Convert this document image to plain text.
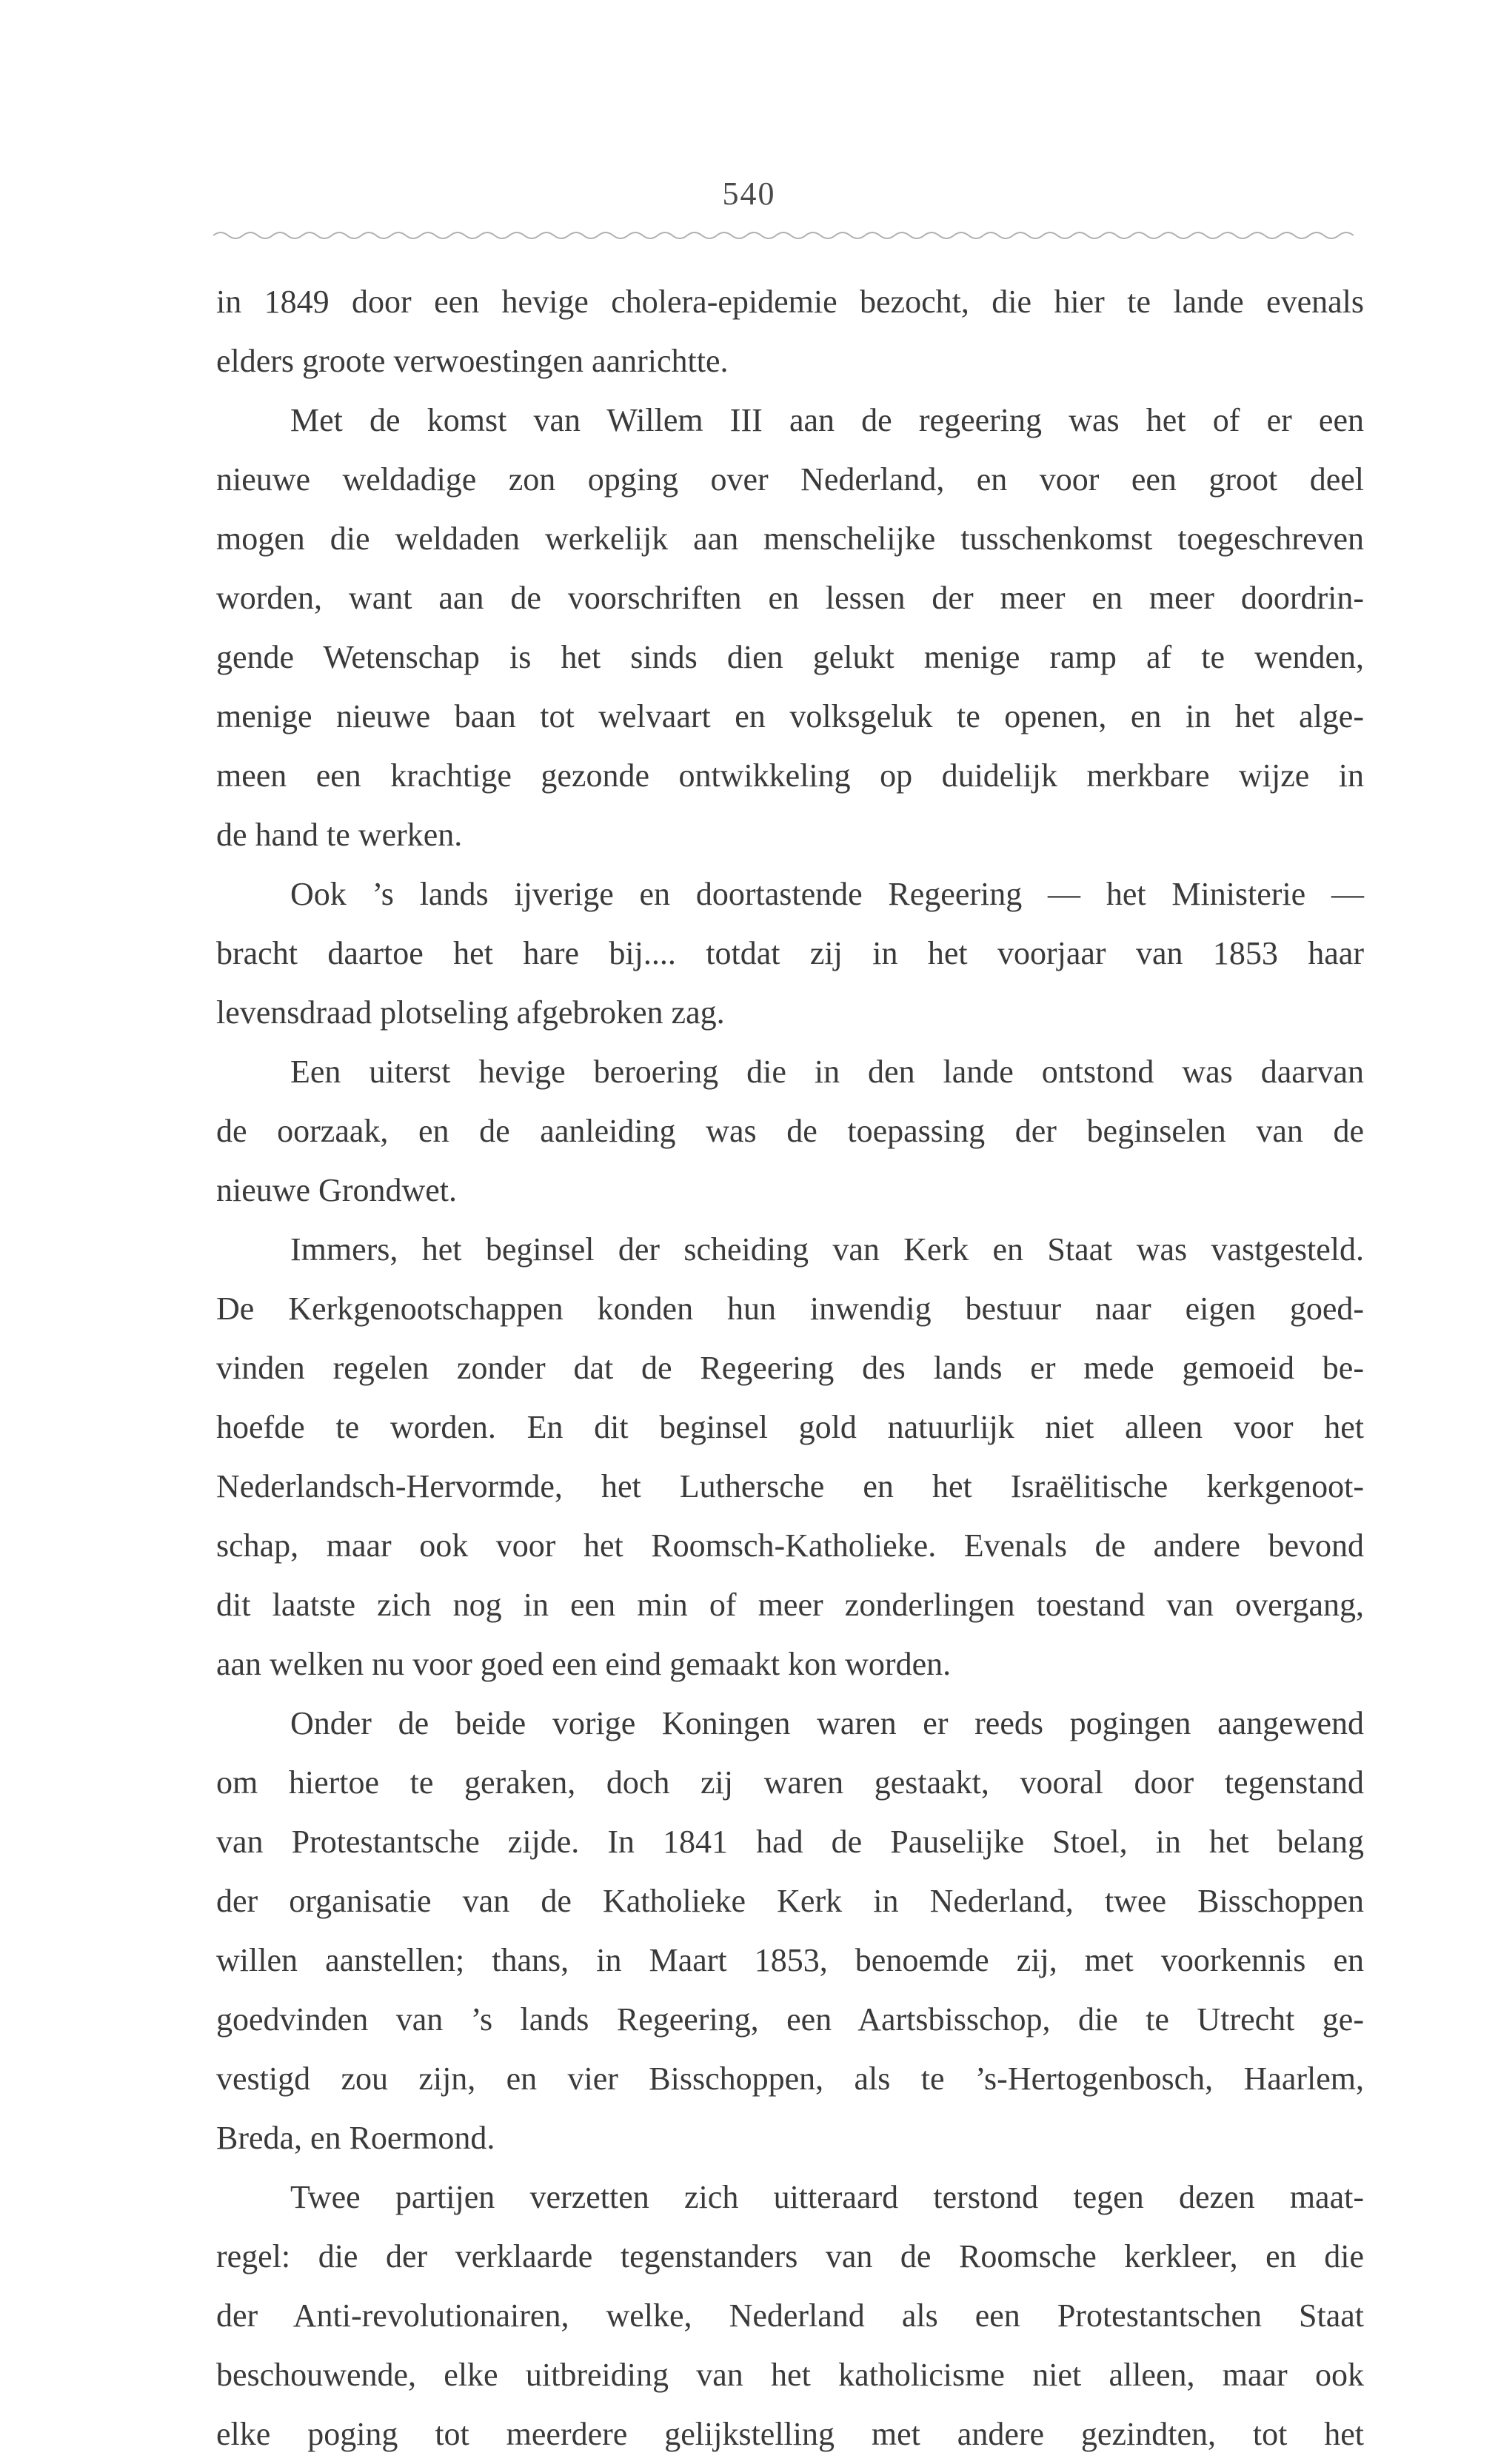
540
in 1849 door een hevige cholera-epidemie bezocht, die hier te lande evenals
elders groote verwoestingen aanrichtte.
Met de komst van Willem III aan de regeering was het of er een
nieuwe weldadige zon opging over Nederland, en voor een groot deel
mogen die weldaden werkelijk aan menschelijke tusschenkomst toegeschreven
worden, want aan de voorschriften en lessen der meer en meer doordrin-
gende Wetenschap is het sinds dien gelukt menige ramp af te wenden,
menige nieuwe baan tot welvaart en volksgeluk te openen, en in het alge-
meen een krachtige gezonde ontwikkeling op duidelijk merkbare wijze in
de hand te werken.
Ook ’s lands ijverige en doortastende Regeering — het Ministerie —
bracht daartoe het hare bij.... totdat zij in het voorjaar van 1853 haar
levensdraad plotseling afgebroken zag.
Een uiterst hevige beroering die in den lande ontstond was daarvan
de oorzaak, en de aanleiding was de toepassing der beginselen van de
nieuwe Grondwet.
Immers, het beginsel der scheiding van Kerk en Staat was vastgesteld.
De Kerkgenootschappen konden hun inwendig bestuur naar eigen goed-
vinden regelen zonder dat de Regeering des lands er mede gemoeid be-
hoefde te worden. En dit beginsel gold natuurlijk niet alleen voor het
Nederlandsch-Hervormde, het Luthersche en het Israëlitische kerkgenoot-
schap, maar ook voor het Roomsch-Katholieke. Evenals de andere bevond
dit laatste zich nog in een min of meer zonderlingen toestand van overgang,
aan welken nu voor goed een eind gemaakt kon worden.
Onder de beide vorige Koningen waren er reeds pogingen aangewend
om hiertoe te geraken, doch zij waren gestaakt, vooral door tegenstand
van Protestantsche zijde. In 1841 had de Pauselijke Stoel, in het belang
der organisatie van de Katholieke Kerk in Nederland, twee Bisschoppen
willen aanstellen; thans, in Maart 1853, benoemde zij, met voorkennis en
goedvinden van ’s lands Regeering, een Aartsbisschop, die te Utrecht ge-
vestigd zou zijn, en vier Bisschoppen, als te ’s-Hertogenbosch, Haarlem,
Breda, en Roermond.
Twee partijen verzetten zich uitteraard terstond tegen dezen maat-
regel: die der verklaarde tegenstanders van de Roomsche kerkleer, en die
der Anti-revolutionairen, welke, Nederland als een Protestantschen Staat
beschouwende, elke uitbreiding van het katholicisme niet alleen, maar ook
elke poging tot meerdere gelijkstelling met andere gezindten, tot het
